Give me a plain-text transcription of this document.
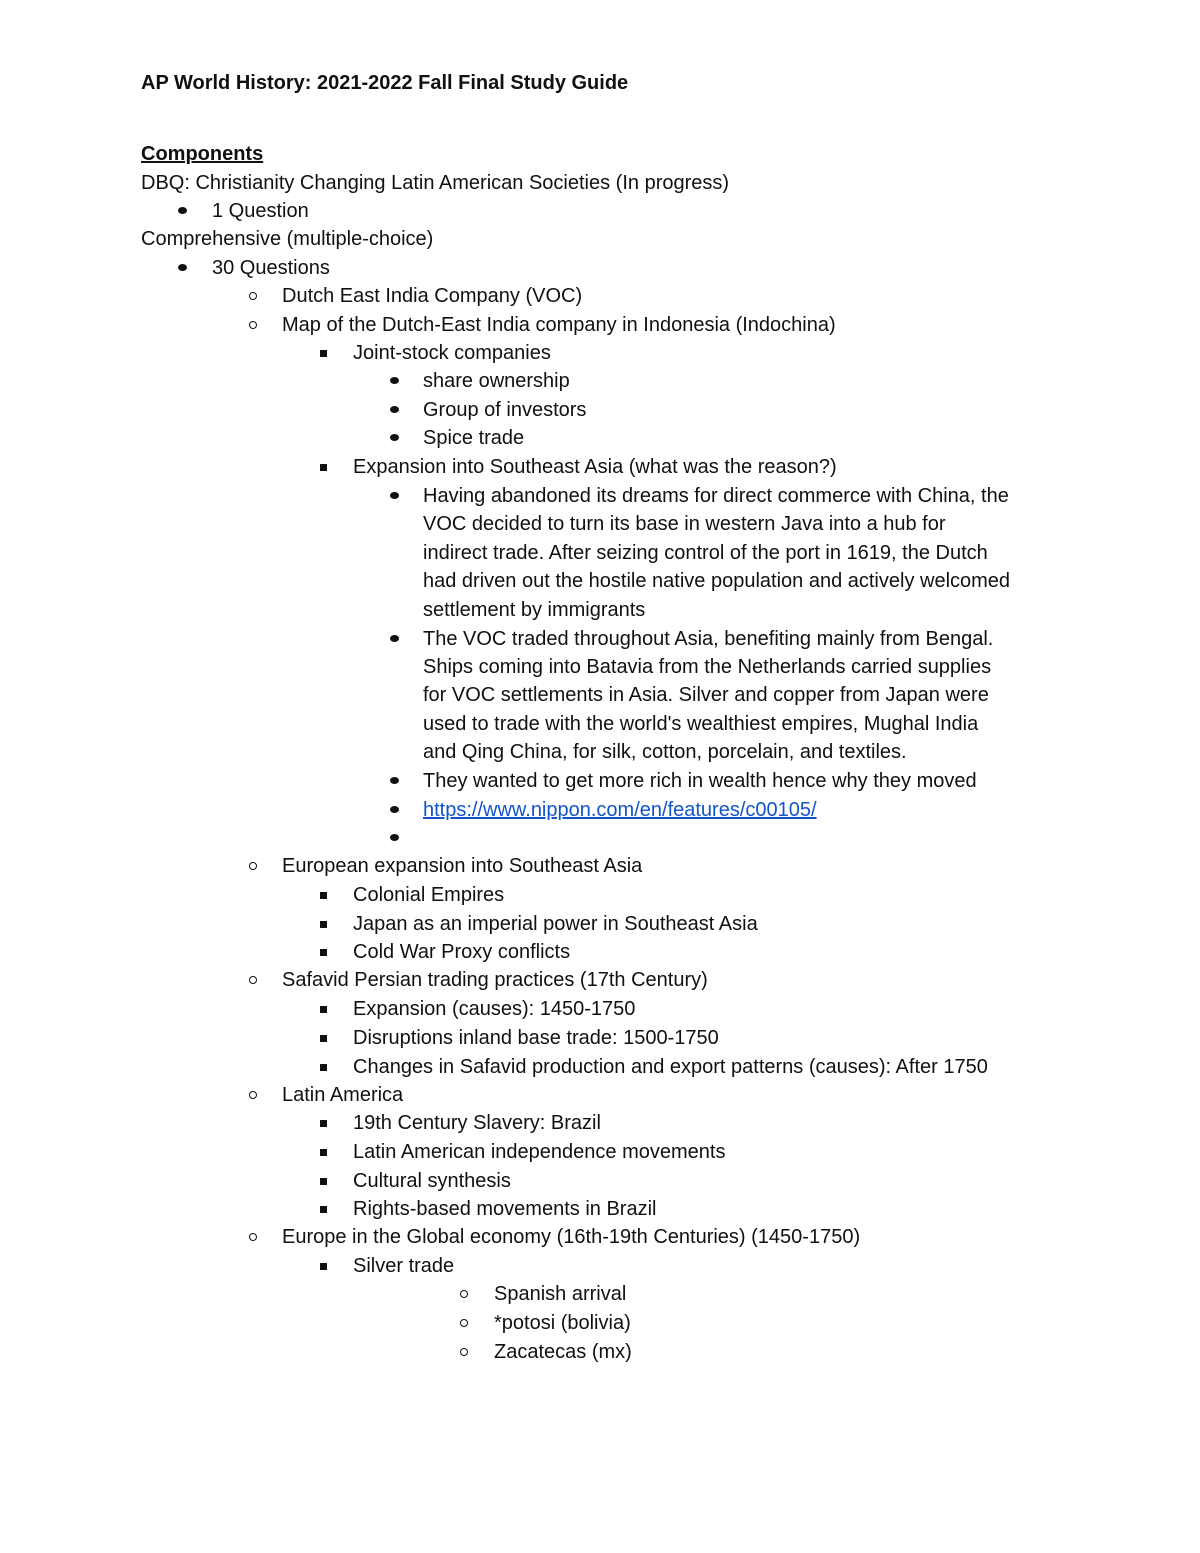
AP World History: 2021-2022 Fall Final Study Guide
Components
DBQ: Christianity Changing Latin American Societies (In progress)
1 Question
Comprehensive (multiple-choice)
30 Questions
Dutch East India Company (VOC)
Map of the Dutch-East India company in Indonesia (Indochina)
Joint-stock companies
share ownership
Group of investors
Spice trade
Expansion into Southeast Asia (what was the reason?)
Having abandoned its dreams for direct commerce with China, the
VOC decided to turn its base in western Java into a hub for
indirect trade. After seizing control of the port in 1619, the Dutch
had driven out the hostile native population and actively welcomed
settlement by immigrants
The VOC traded throughout Asia, benefiting mainly from Bengal.
Ships coming into Batavia from the Netherlands carried supplies
for VOC settlements in Asia. Silver and copper from Japan were
used to trade with the world's wealthiest empires, Mughal India
and Qing China, for silk, cotton, porcelain, and textiles.
They wanted to get more rich in wealth hence why they moved
https://www.nippon.com/en/features/c00105/
European expansion into Southeast Asia
Colonial Empires
Japan as an imperial power in Southeast Asia
Cold War Proxy conflicts
Safavid Persian trading practices (17th Century)
Expansion (causes): 1450-1750
Disruptions inland base trade: 1500-1750
Changes in Safavid production and export patterns (causes): After 1750
Latin America
19th Century Slavery: Brazil
Latin American independence movements
Cultural synthesis
Rights-based movements in Brazil
Europe in the Global economy (16th-19th Centuries) (1450-1750)
Silver trade
Spanish arrival
*potosi (bolivia)
Zacatecas (mx)
